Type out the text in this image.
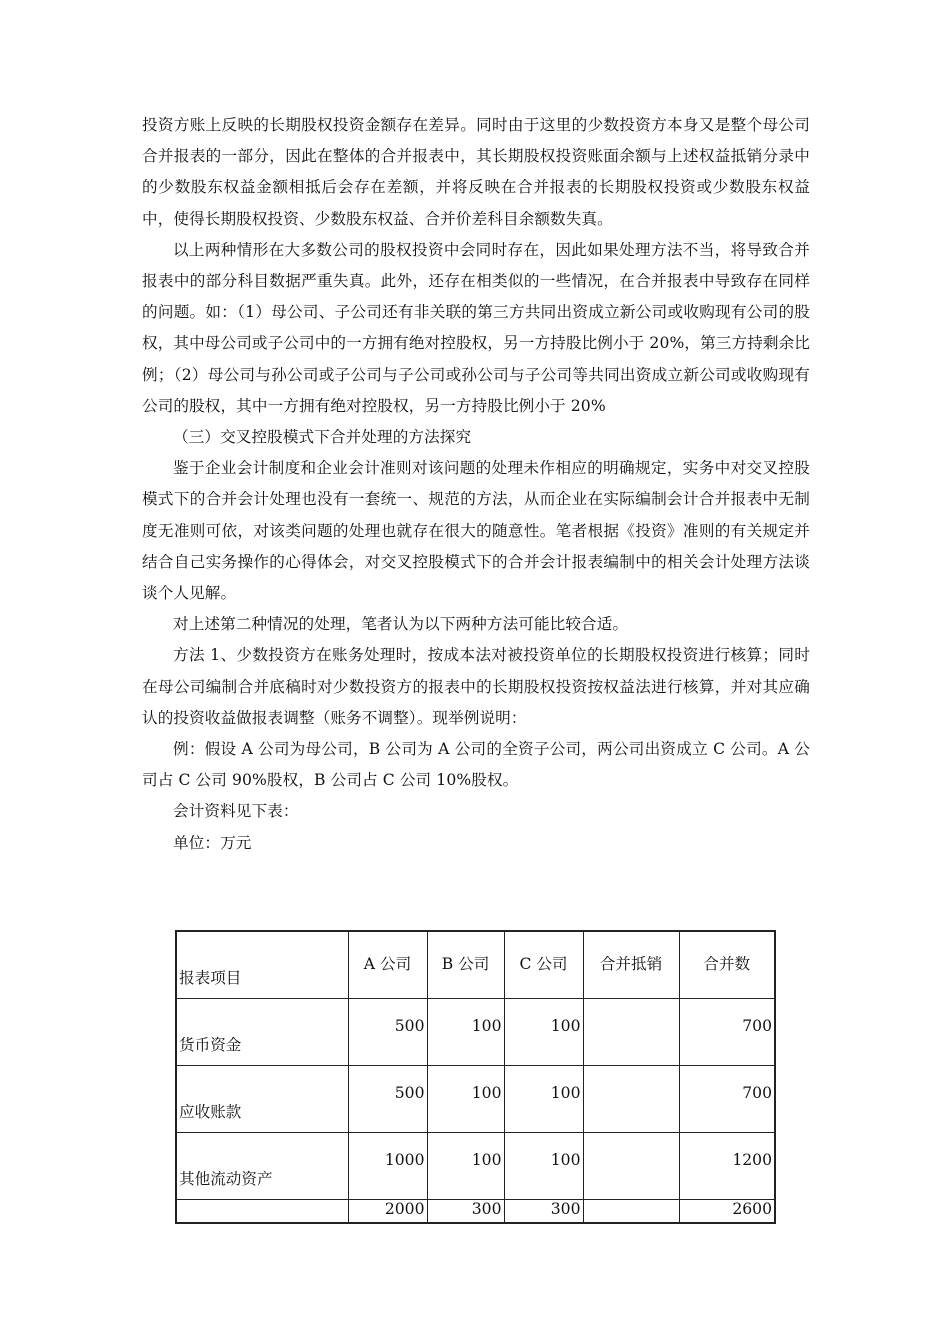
投资方账上反映的长期股权投资金额存在差异。同时由于这里的少数投资方本身又是整个母公司合并报表的一部分，因此在整体的合并报表中，其长期股权投资账面余额与上述权益抵销分录中的少数股东权益金额相抵后会存在差额，并将反映在合并报表的长期股权投资或少数股东权益中，使得长期股权投资、少数股东权益、合并价差科目余额数失真。

以上两种情形在大多数公司的股权投资中会同时存在，因此如果处理方法不当，将导致合并报表中的部分科目数据严重失真。此外，还存在相类似的一些情况，在合并报表中导致存在同样的问题。如：（1）母公司、子公司还有非关联的第三方共同出资成立新公司或收购现有公司的股权，其中母公司或子公司中的一方拥有绝对控股权，另一方持股比例小于 20%，第三方持剩余比例；（2）母公司与孙公司或子公司与子公司或孙公司与子公司等共同出资成立新公司或收购现有公司的股权，其中一方拥有绝对控股权，另一方持股比例小于 20%

（三）交叉控股模式下合并处理的方法探究

鉴于企业会计制度和企业会计准则对该问题的处理未作相应的明确规定，实务中对交叉控股模式下的合并会计处理也没有一套统一、规范的方法，从而企业在实际编制会计合并报表中无制度无准则可依，对该类问题的处理也就存在很大的随意性。笔者根据《投资》准则的有关规定并结合自己实务操作的心得体会，对交叉控股模式下的合并会计报表编制中的相关会计处理方法谈谈个人见解。

对上述第二种情况的处理，笔者认为以下两种方法可能比较合适。

方法 1、少数投资方在账务处理时，按成本法对被投资单位的长期股权投资进行核算；同时在母公司编制合并底稿时对少数投资方的报表中的长期股权投资按权益法进行核算，并对其应确认的投资收益做报表调整（账务不调整）。现举例说明：

例：假设 A 公司为母公司，B 公司为 A 公司的全资子公司，两公司出资成立 C 公司。A 公司占 C 公司 90%股权，B 公司占 C 公司 10%股权。

会计资料见下表：

单位：万元

报表项目	A 公司	B 公司	C 公司	合并抵销	合并数

货币资金	500	100	100		700

应收账款	500	100	100		700

其他流动资产	1000	100	100		1200

	2000	300	300		2600
